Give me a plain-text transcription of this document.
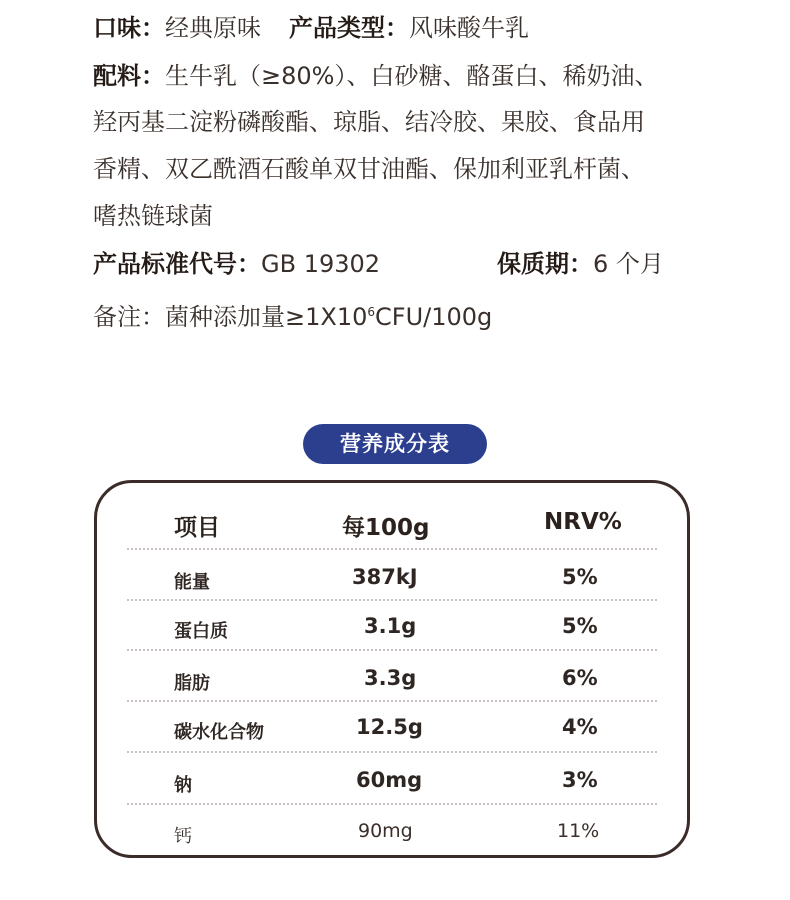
口味：经典原味 产品类型：风味酸牛乳
配料：生牛乳（≥80%）、白砂糖、酪蛋白、稀奶油、
羟丙基二淀粉磷酸酯、琼脂、结冷胶、果胶、食品用
香精、双乙酰酒石酸单双甘油酯、保加利亚乳杆菌、
嗜热链球菌
产品标准代号：GB 19302	保质期：6 个月
备注：菌种添加量$\ge 1X10^6CFU/100g$
营养成分表
项目	每100g	NRV%
能量	387kJ	5%
蛋白质	3.1g	5%
脂肪	3.3g	6%
碳水化合物	12.5g	4%
钠	60mg	3%
钙	90mg	11%
